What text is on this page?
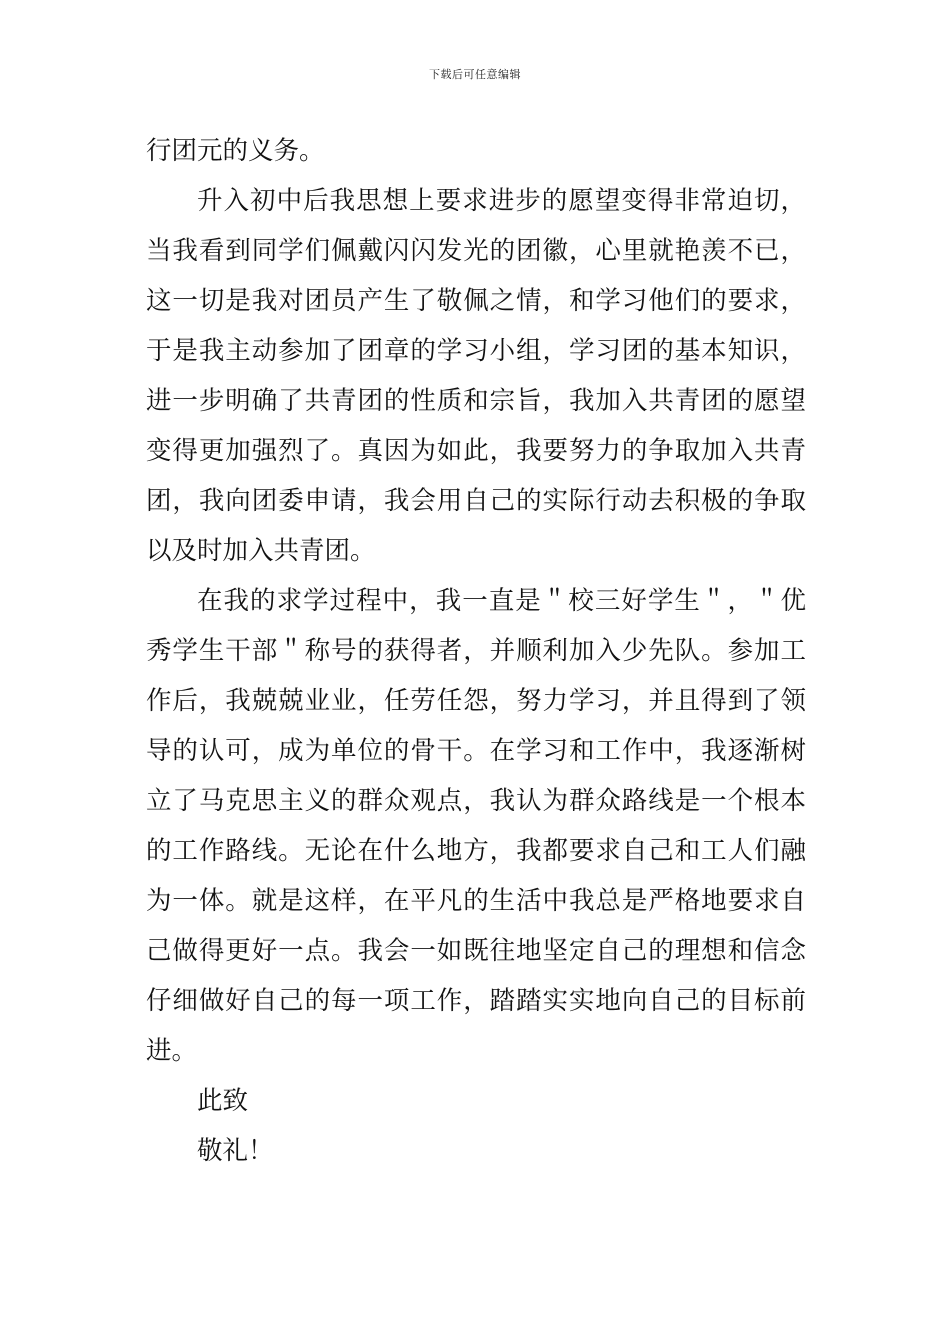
下载后可任意编辑
行团元的义务。
升入初中后我思想上要求进步的愿望变得非常迫切，
当我看到同学们佩戴闪闪发光的团徽，心里就艳羡不已，
这一切是我对团员产生了敬佩之情，和学习他们的要求，
于是我主动参加了团章的学习小组，学习团的基本知识，
进一步明确了共青团的性质和宗旨，我加入共青团的愿望
变得更加强烈了。真因为如此，我要努力的争取加入共青
团，我向团委申请，我会用自己的实际行动去积极的争取
以及时加入共青团。
在我的求学过程中，我一直是＂校三好学生＂，＂优
秀学生干部＂称号的获得者，并顺利加入少先队。参加工
作后，我兢兢业业，任劳任怨，努力学习，并且得到了领
导的认可，成为单位的骨干。在学习和工作中，我逐渐树
立了马克思主义的群众观点，我认为群众路线是一个根本
的工作路线。无论在什么地方，我都要求自己和工人们融
为一体。就是这样，在平凡的生活中我总是严格地要求自
己做得更好一点。我会一如既往地坚定自己的理想和信念
仔细做好自己的每一项工作，踏踏实实地向自己的目标前
进。
此致
敬礼！
